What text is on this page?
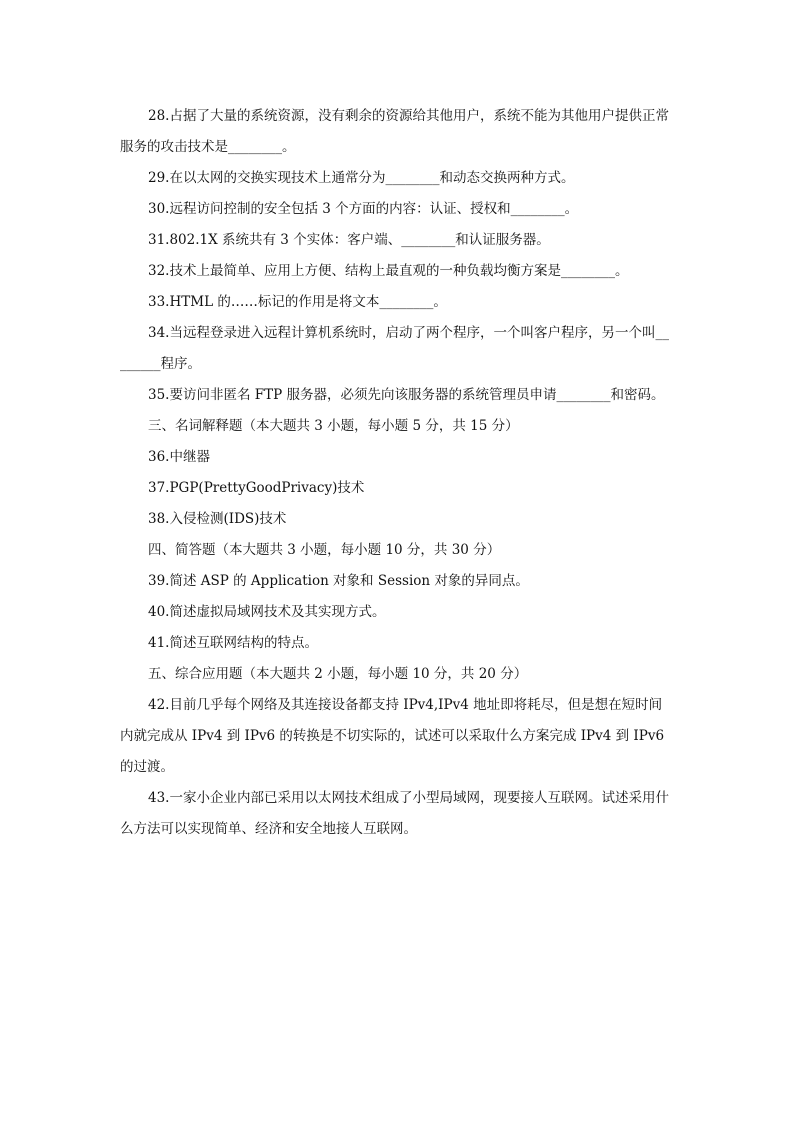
28.占据了大量的系统资源，没有剩余的资源给其他用户，系统不能为其他用户提供正常服务的攻击技术是________。

29.在以太网的交换实现技术上通常分为________和动态交换两种方式。

30.远程访问控制的安全包括 3 个方面的内容：认证、授权和________。

31.802.1X 系统共有 3 个实体：客户端、________和认证服务器。

32.技术上最简单、应用上方便、结构上最直观的一种负载均衡方案是________。

33.HTML 的……标记的作用是将文本________。

34.当远程登录进入远程计算机系统时，启动了两个程序，一个叫客户程序，另一个叫________程序。

35.要访问非匿名 FTP 服务器，必须先向该服务器的系统管理员申请________和密码。

三、名词解释题（本大题共 3 小题，每小题 5 分，共 15 分）

36.中继器

37.PGP(PrettyGoodPrivacy)技术

38.入侵检测(IDS)技术

四、简答题（本大题共 3 小题，每小题 10 分，共 30 分）

39.简述 ASP 的 Application 对象和 Session 对象的异同点。

40.简述虚拟局域网技术及其实现方式。

41.简述互联网结构的特点。

五、综合应用题（本大题共 2 小题，每小题 10 分，共 20 分）

42.目前几乎每个网络及其连接设备都支持 IPv4,IPv4 地址即将耗尽，但是想在短时间内就完成从 IPv4 到 IPv6 的转换是不切实际的，试述可以采取什么方案完成 IPv4 到 IPv6 的过渡。

43.一家小企业内部已采用以太网技术组成了小型局域网，现要接人互联网。试述采用什么方法可以实现简单、经济和安全地接人互联网。
